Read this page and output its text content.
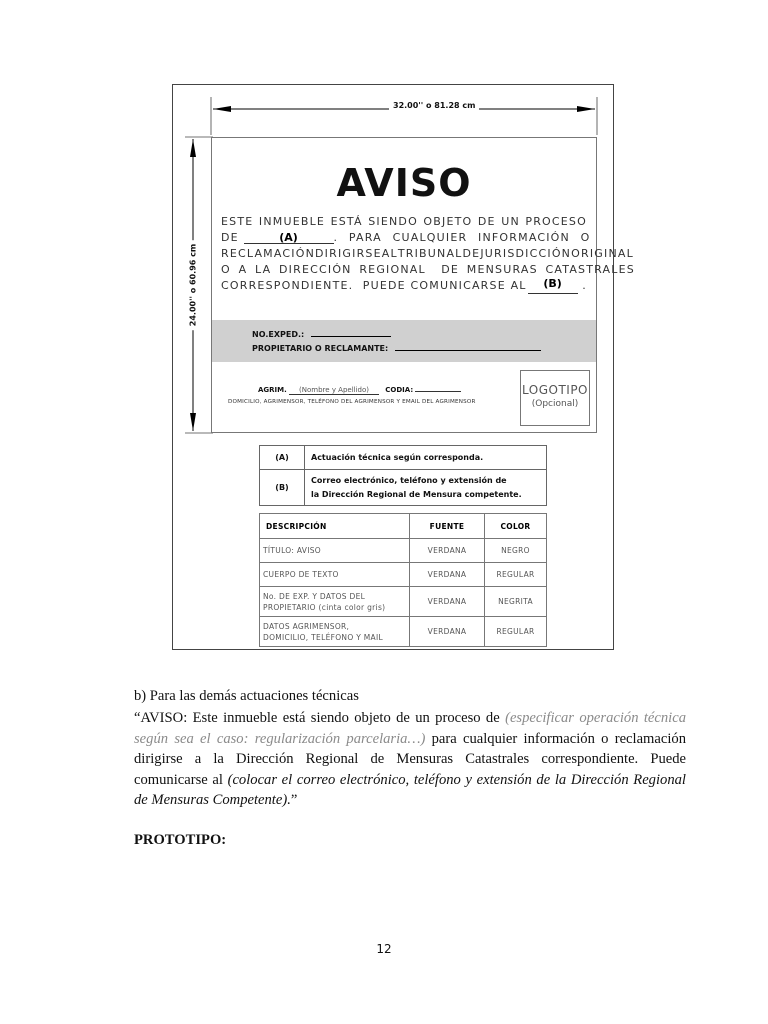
32.00'' o 81.28 cm
24.00'' o 60.96 cm
AVISO
ESTE INMUEBLE ESTÁ SIENDO OBJETO DE UN PROCESO
DE	(A)	. PARA CUALQUIER INFORMACIÓN O
RECLAMACIÓN DIRIGIRSE AL TRIBUNAL DE JURISDICCIÓN ORIGINAL
O
A
LA
DIRECCIÓN
REGIONAL
DE
MENSURAS
CATASTRALES
CORRESPONDIENTE.
PUEDE
COMUNICARSE
AL	(B)
	.
NO.EXPED.:
PROPIETARIO O RECLAMANTE:
AGRIM. (Nombre y Apellido) CODIA:
DOMICILIO, AGRIMENSOR, TELÉFONO DEL AGRIMENSOR Y EMAIL DEL AGRIMENSOR
LOGOTIPO
(Opcional)
(A)	Actuación técnica según corresponda.
(B)	Correo electrónico, teléfono y extensión de
la Dirección Regional de Mensura competente.
DESCRIPCIÓN	FUENTE	COLOR
TÍTULO: AVISO	VERDANA	NEGRO
CUERPO DE TEXTO	VERDANA	REGULAR

No. DE EXP. Y DATOS DEL
PROPIETARIO (cinta color gris)	VERDANA	NEGRITA

DATOS AGRIMENSOR,
DOMICILIO, TELÉFONO Y MAIL	VERDANA	REGULAR
b) Para las demás actuaciones técnicas
“AVISO: Este inmueble está siendo objeto de un proceso de (especificar operación técnica según sea el caso: regularización parcelaria…) para cualquier información o reclamación dirigirse a la Dirección Regional de Mensuras Catastrales correspondiente. Puede comunicarse al (colocar el correo electrónico, teléfono y extensión de la Dirección Regional de Mensuras Competente).”
PROTOTIPO:
12
